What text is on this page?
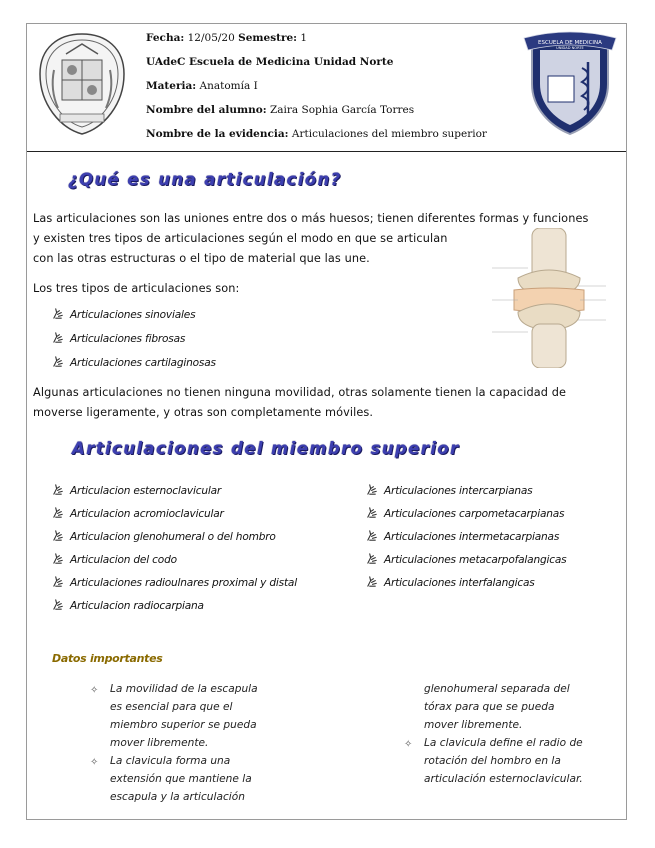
Fecha: 12/05/20 Semestre: 1
UAdeC Escuela de Medicina Unidad Norte
Materia: Anatomía I
Nombre del alumno: Zaira Sophia García Torres
Nombre de la evidencia: Articulaciones del miembro superior
ESCUELA DE MEDICINA
UNIDAD NORTE
¿Qué es una articulación?
Las articulaciones son las uniones entre dos o más huesos; tienen diferentes formas y funciones
y existen tres tipos de articulaciones según el modo en que se articulan
con las otras estructuras o el tipo de material que las une.
Los tres tipos de articulaciones son:
Articulaciones sinoviales
Articulaciones fibrosas
Articulaciones cartilaginosas
Algunas articulaciones no tienen ninguna movilidad, otras solamente tienen la capacidad de
moverse ligeramente, y otras son completamente móviles.
Articulaciones del miembro superior
Articulacion esternoclavicular
Articulacion acromioclavicular
Articulacion glenohumeral o del hombro
Articulacion del codo
Articulaciones radioulnares proximal y distal
Articulacion radiocarpiana
Articulaciones intercarpianas
Articulaciones carpometacarpianas
Articulaciones intermetacarpianas
Articulaciones metacarpofalangicas
Articulaciones interfalangicas
Datos importantes
✧ La movilidad de la escapula
es esencial para que el
miembro superior se pueda
mover libremente.
✧ La clavicula forma una
extensión que mantiene la
escapula y la articulación
glenohumeral separada del
tórax para que se pueda
mover libremente.
✧ La clavicula define el radio de
rotación del hombro en la
articulación esternoclavicular.
